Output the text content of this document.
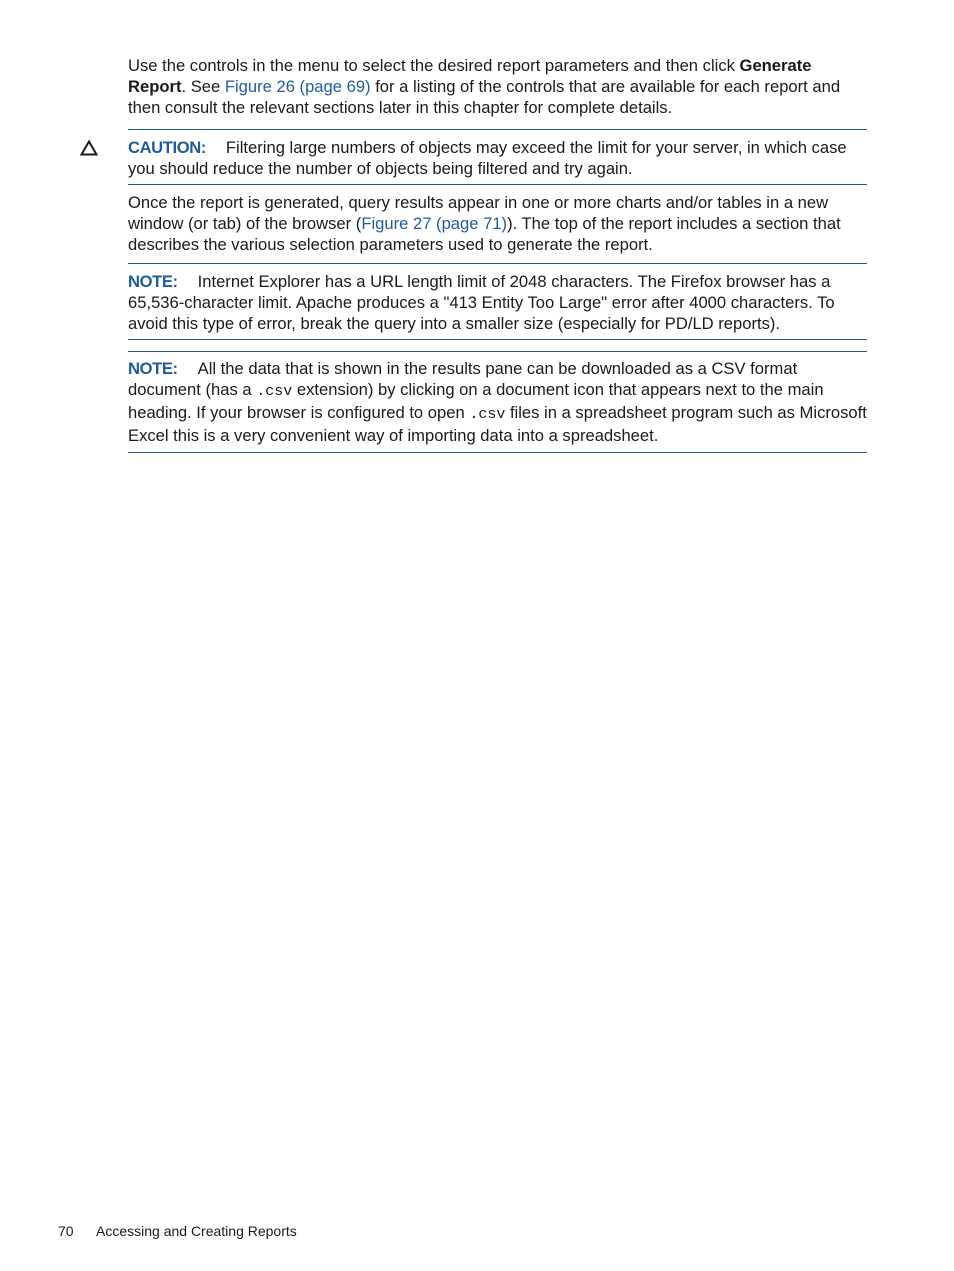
Use the controls in the menu to select the desired report parameters and then click Generate Report. See Figure 26 (page 69) for a listing of the controls that are available for each report and then consult the relevant sections later in this chapter for complete details.

CAUTION: Filtering large numbers of objects may exceed the limit for your server, in which case you should reduce the number of objects being filtered and try again.

Once the report is generated, query results appear in one or more charts and/or tables in a new window (or tab) of the browser (Figure 27 (page 71)). The top of the report includes a section that describes the various selection parameters used to generate the report.

NOTE: Internet Explorer has a URL length limit of 2048 characters. The Firefox browser has a 65,536-character limit. Apache produces a "413 Entity Too Large" error after 4000 characters. To avoid this type of error, break the query into a smaller size (especially for PD/LD reports).

NOTE: All the data that is shown in the results pane can be downloaded as a CSV format document (has a .csv extension) by clicking on a document icon that appears next to the main heading. If your browser is configured to open .csv files in a spreadsheet program such as Microsoft Excel this is a very convenient way of importing data into a spreadsheet.

70 Accessing and Creating Reports
